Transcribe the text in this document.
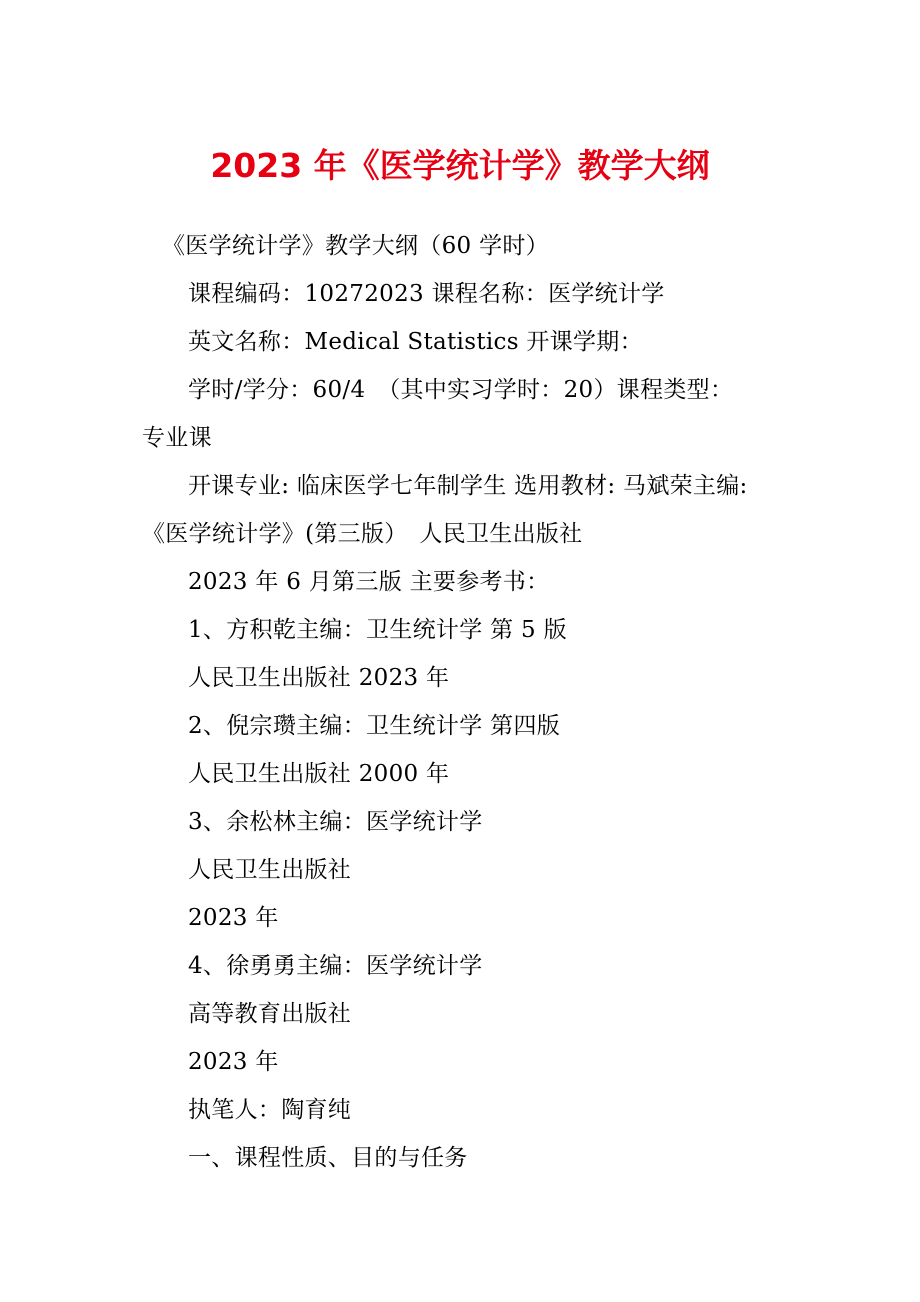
2023 年《医学统计学》教学大纲
《医学统计学》教学大纲（60 学时）
课程编码：10272023 课程名称：医学统计学
英文名称：Medical Statistics 开课学期：
学时/学分：60/4　（其中实习学时：20）课程类型：
专业课
开课专业: 临床医学七年制学生 选用教材: 马斌荣主编:
《医学统计学》(第三版）　人民卫生出版社
2023 年 6 月第三版 主要参考书：
1、方积乾主编：卫生统计学 第 5 版
人民卫生出版社 2023 年
2、倪宗瓒主编：卫生统计学 第四版
人民卫生出版社 2000 年
3、余松林主编：医学统计学
人民卫生出版社
2023 年
4、徐勇勇主编：医学统计学
高等教育出版社
2023 年
执笔人：陶育纯
一、课程性质、目的与任务
